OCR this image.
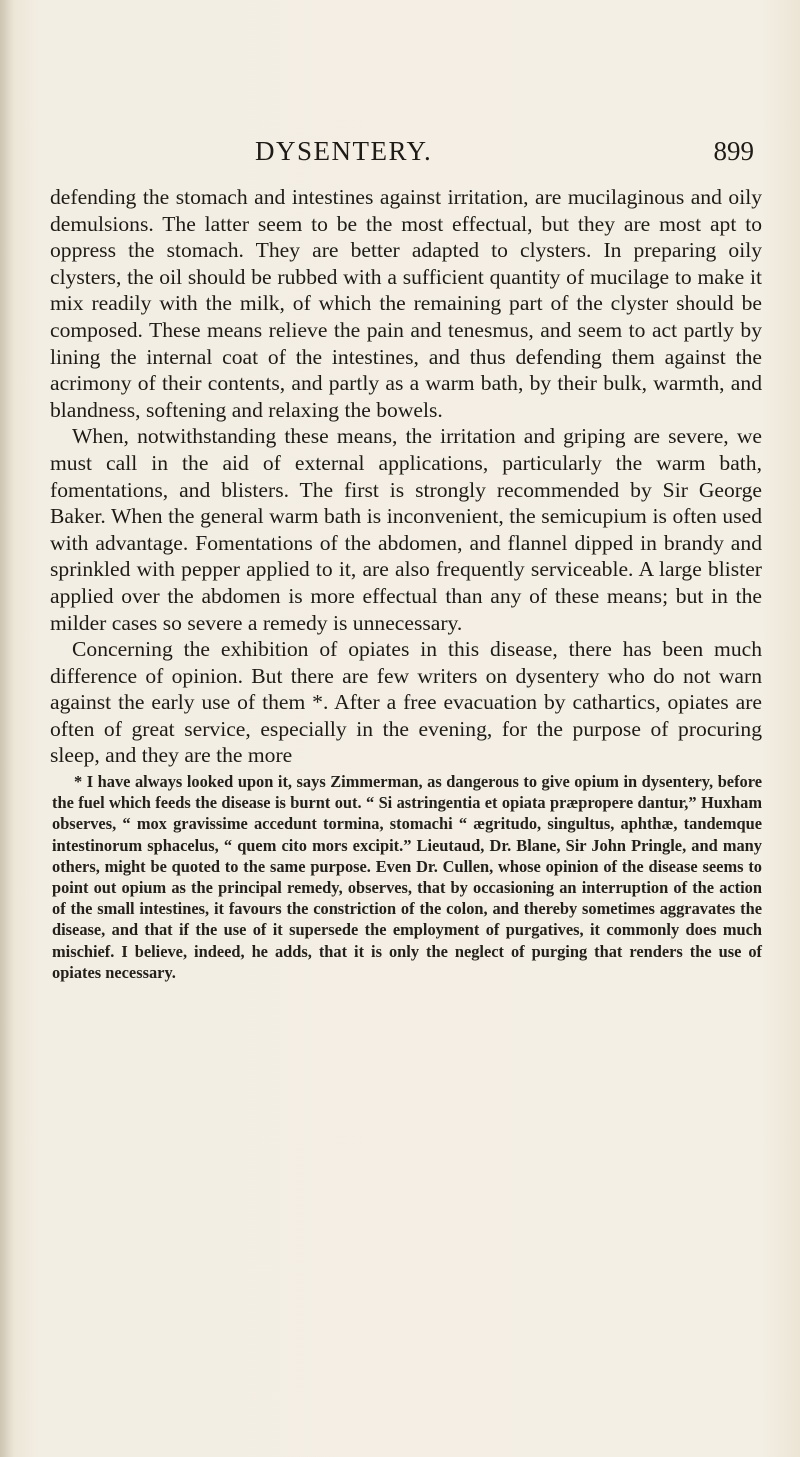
DYSENTERY.	899

defending the stomach and intestines against irritation, are mucilaginous and oily demulsions. The latter seem to be the most effectual, but they are most apt to oppress the stomach. They are better adapted to clysters. In preparing oily clysters, the oil should be rubbed with a sufficient quantity of mucilage to make it mix readily with the milk, of which the remaining part of the clyster should be composed. These means relieve the pain and tenesmus, and seem to act partly by lining the internal coat of the intestines, and thus defending them against the acrimony of their contents, and partly as a warm bath, by their bulk, warmth, and blandness, softening and relaxing the bowels.

When, notwithstanding these means, the irritation and griping are severe, we must call in the aid of external applications, particularly the warm bath, fomentations, and blisters. The first is strongly recommended by Sir George Baker. When the general warm bath is inconvenient, the semicupium is often used with advantage. Fomentations of the abdomen, and flannel dipped in brandy and sprinkled with pepper applied to it, are also frequently serviceable. A large blister applied over the abdomen is more effectual than any of these means; but in the milder cases so severe a remedy is unnecessary.

Concerning the exhibition of opiates in this disease, there has been much difference of opinion. But there are few writers on dysentery who do not warn against the early use of them *. After a free evacuation by cathartics, opiates are often of great service, especially in the evening, for the purpose of procuring sleep, and they are the more

* I have always looked upon it, says Zimmerman, as dangerous to give opium in dysentery, before the fuel which feeds the disease is burnt out. “ Si astringentia et opiata præpropere dantur,” Huxham observes, “ mox gravissime accedunt tormina, stomachi “ ægritudo, singultus, aphthæ, tandemque intestinorum sphacelus, “ quem cito mors excipit.” Lieutaud, Dr. Blane, Sir John Pringle, and many others, might be quoted to the same purpose. Even Dr. Cullen, whose opinion of the disease seems to point out opium as the principal remedy, observes, that by occasioning an interruption of the action of the small intestines, it favours the constriction of the colon, and thereby sometimes aggravates the disease, and that if the use of it supersede the employment of purgatives, it commonly does much mischief. I believe, indeed, he adds, that it is only the neglect of purging that renders the use of opiates necessary.
